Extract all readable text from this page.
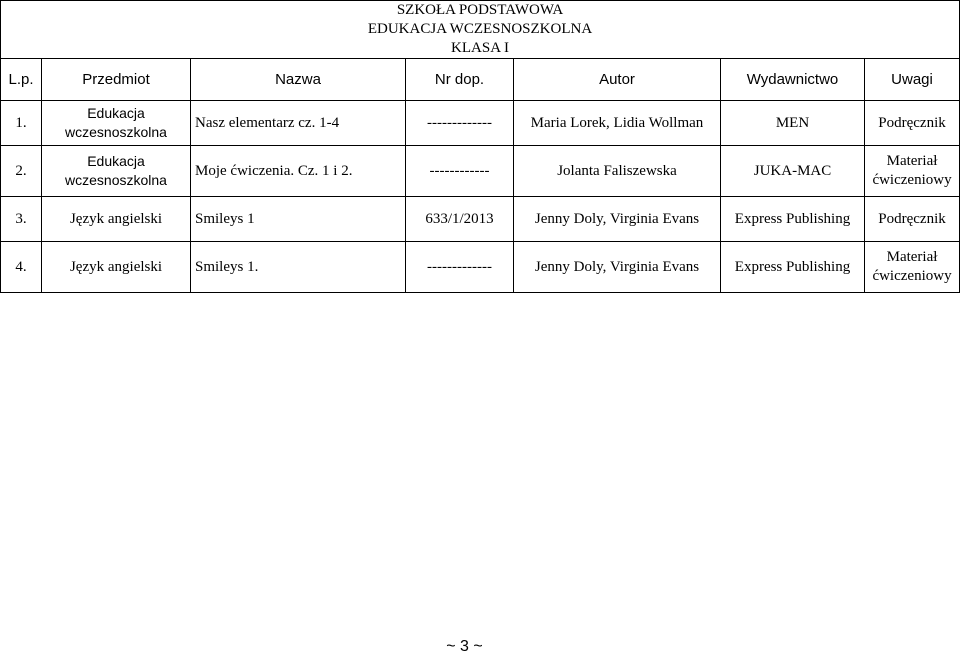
SZKOŁA PODSTAWOWA						
EDUKACJA WCZESNOSZKOLNA						
KLASA I						
L.p.	Przedmiot	Nazwa	Nr dop.	Autor	Wydawnictwo	Uwagi
1.	Edukacja wczesnoszkolna	Nasz elementarz cz. 1-4	-------------	Maria Lorek, Lidia Wollman	MEN	Podręcznik
2.	Edukacja wczesnoszkolna	Moje ćwiczenia. Cz. 1 i 2.	------------	Jolanta Faliszewska	JUKA-MAC	Materiał ćwiczeniowy
3.	Język angielski	Smileys 1	633/1/2013	Jenny Doly, Virginia Evans	Express Publishing	Podręcznik
4.	Język angielski	Smileys 1.	-------------	Jenny Doly, Virginia Evans	Express Publishing	Materiał ćwiczeniowy
~ 3 ~
